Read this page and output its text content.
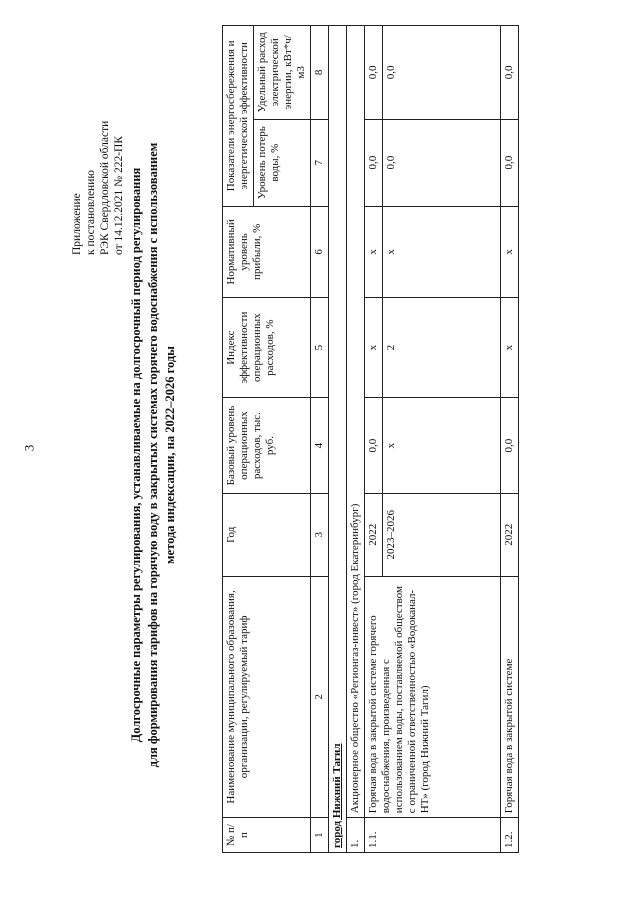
3
Приложение к постановлению РЭК Свердловской области от 14.12.2021 № 222-ПК Долгосрочные параметры регулирования, устанавливаемые на долгосрочный период регулирования для формирования тарифов на горячую воду в закрытых системах горячего водоснабжения с использованием метода индексации, на 2022–2026 годы
№ п/п	Наименование муниципального образования, организации, регулируемый тариф	Год	Базовый уровень операционных расходов, тыс. руб.	Индекс эффективности операционных расходов, %	Нормативный уровень прибыли, %	Показатели энергосбережения и энергетической эффективности	
						Уровень потерь воды, %	Удельный расход электрической энергии, кВт*ч/м3
1	2	3	4	5	6	7	8
город Нижний Тагил							
1.	Акционерное общество «Регионгаз-инвест» (город Екатеринбург)						
1.1.	Горячая вода в закрытой системе горячего водоснабжения, произведенная с использованием воды, поставляемой обществом с ограниченной ответственностью «Водоканал-НТ» (город Нижний Тагил)	2022	0,0	х	х	0,0	0,0
		2023–2026	х	2	х	0,0	0,0
1.2.	Горячая вода в закрытой системе	2022	0,0	х	х	0,0	0,0
